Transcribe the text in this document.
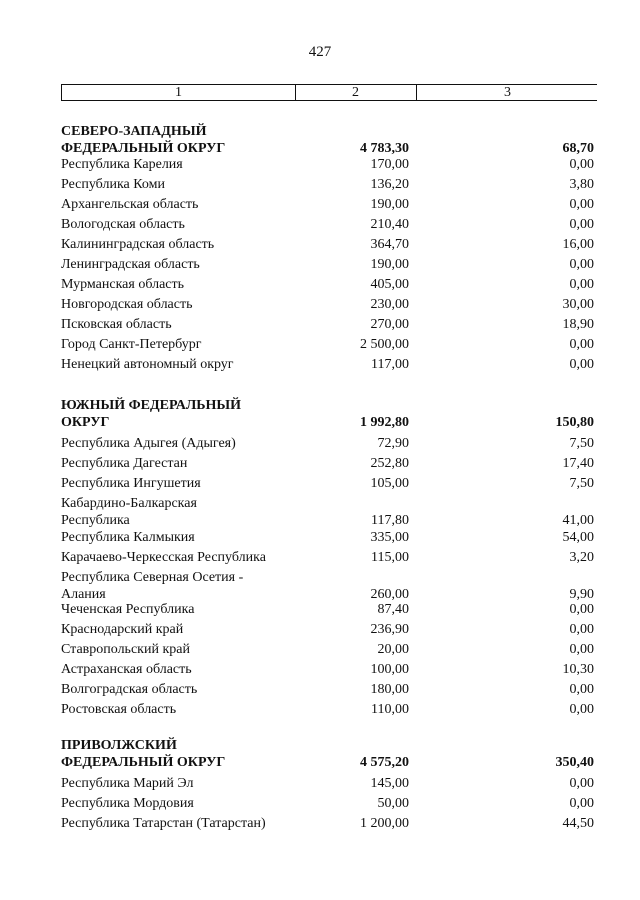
427
1	2	3
СЕВЕРО-ЗАПАДНЫЙ
ФЕДЕРАЛЬНЫЙ ОКРУГ	4 783,30	68,70
Республика Карелия	170,00	0,00
Республика Коми	136,20	3,80
Архангельская область	190,00	0,00
Вологодская область	210,40	0,00
Калининградская область	364,70	16,00
Ленинградская область	190,00	0,00
Мурманская область	405,00	0,00
Новгородская область	230,00	30,00
Псковская область	270,00	18,90
Город Санкт-Петербург	2 500,00	0,00
Ненецкий автономный округ	117,00	0,00
ЮЖНЫЙ ФЕДЕРАЛЬНЫЙ
ОКРУГ	1 992,80	150,80
Республика Адыгея (Адыгея)	72,90	7,50
Республика Дагестан	252,80	17,40
Республика Ингушетия	105,00	7,50
Кабардино-Балкарская
Республика	117,80	41,00
Республика Калмыкия	335,00	54,00
Карачаево-Черкесская Республика	115,00	3,20
Республика Северная Осетия -
Алания	260,00	9,90
Чеченская Республика	87,40	0,00
Краснодарский край	236,90	0,00
Ставропольский край	20,00	0,00
Астраханская область	100,00	10,30
Волгоградская область	180,00	0,00
Ростовская область	110,00	0,00
ПРИВОЛЖСКИЙ
ФЕДЕРАЛЬНЫЙ ОКРУГ	4 575,20	350,40
Республика Марий Эл	145,00	0,00
Республика Мордовия	50,00	0,00
Республика Татарстан (Татарстан)	1 200,00	44,50
